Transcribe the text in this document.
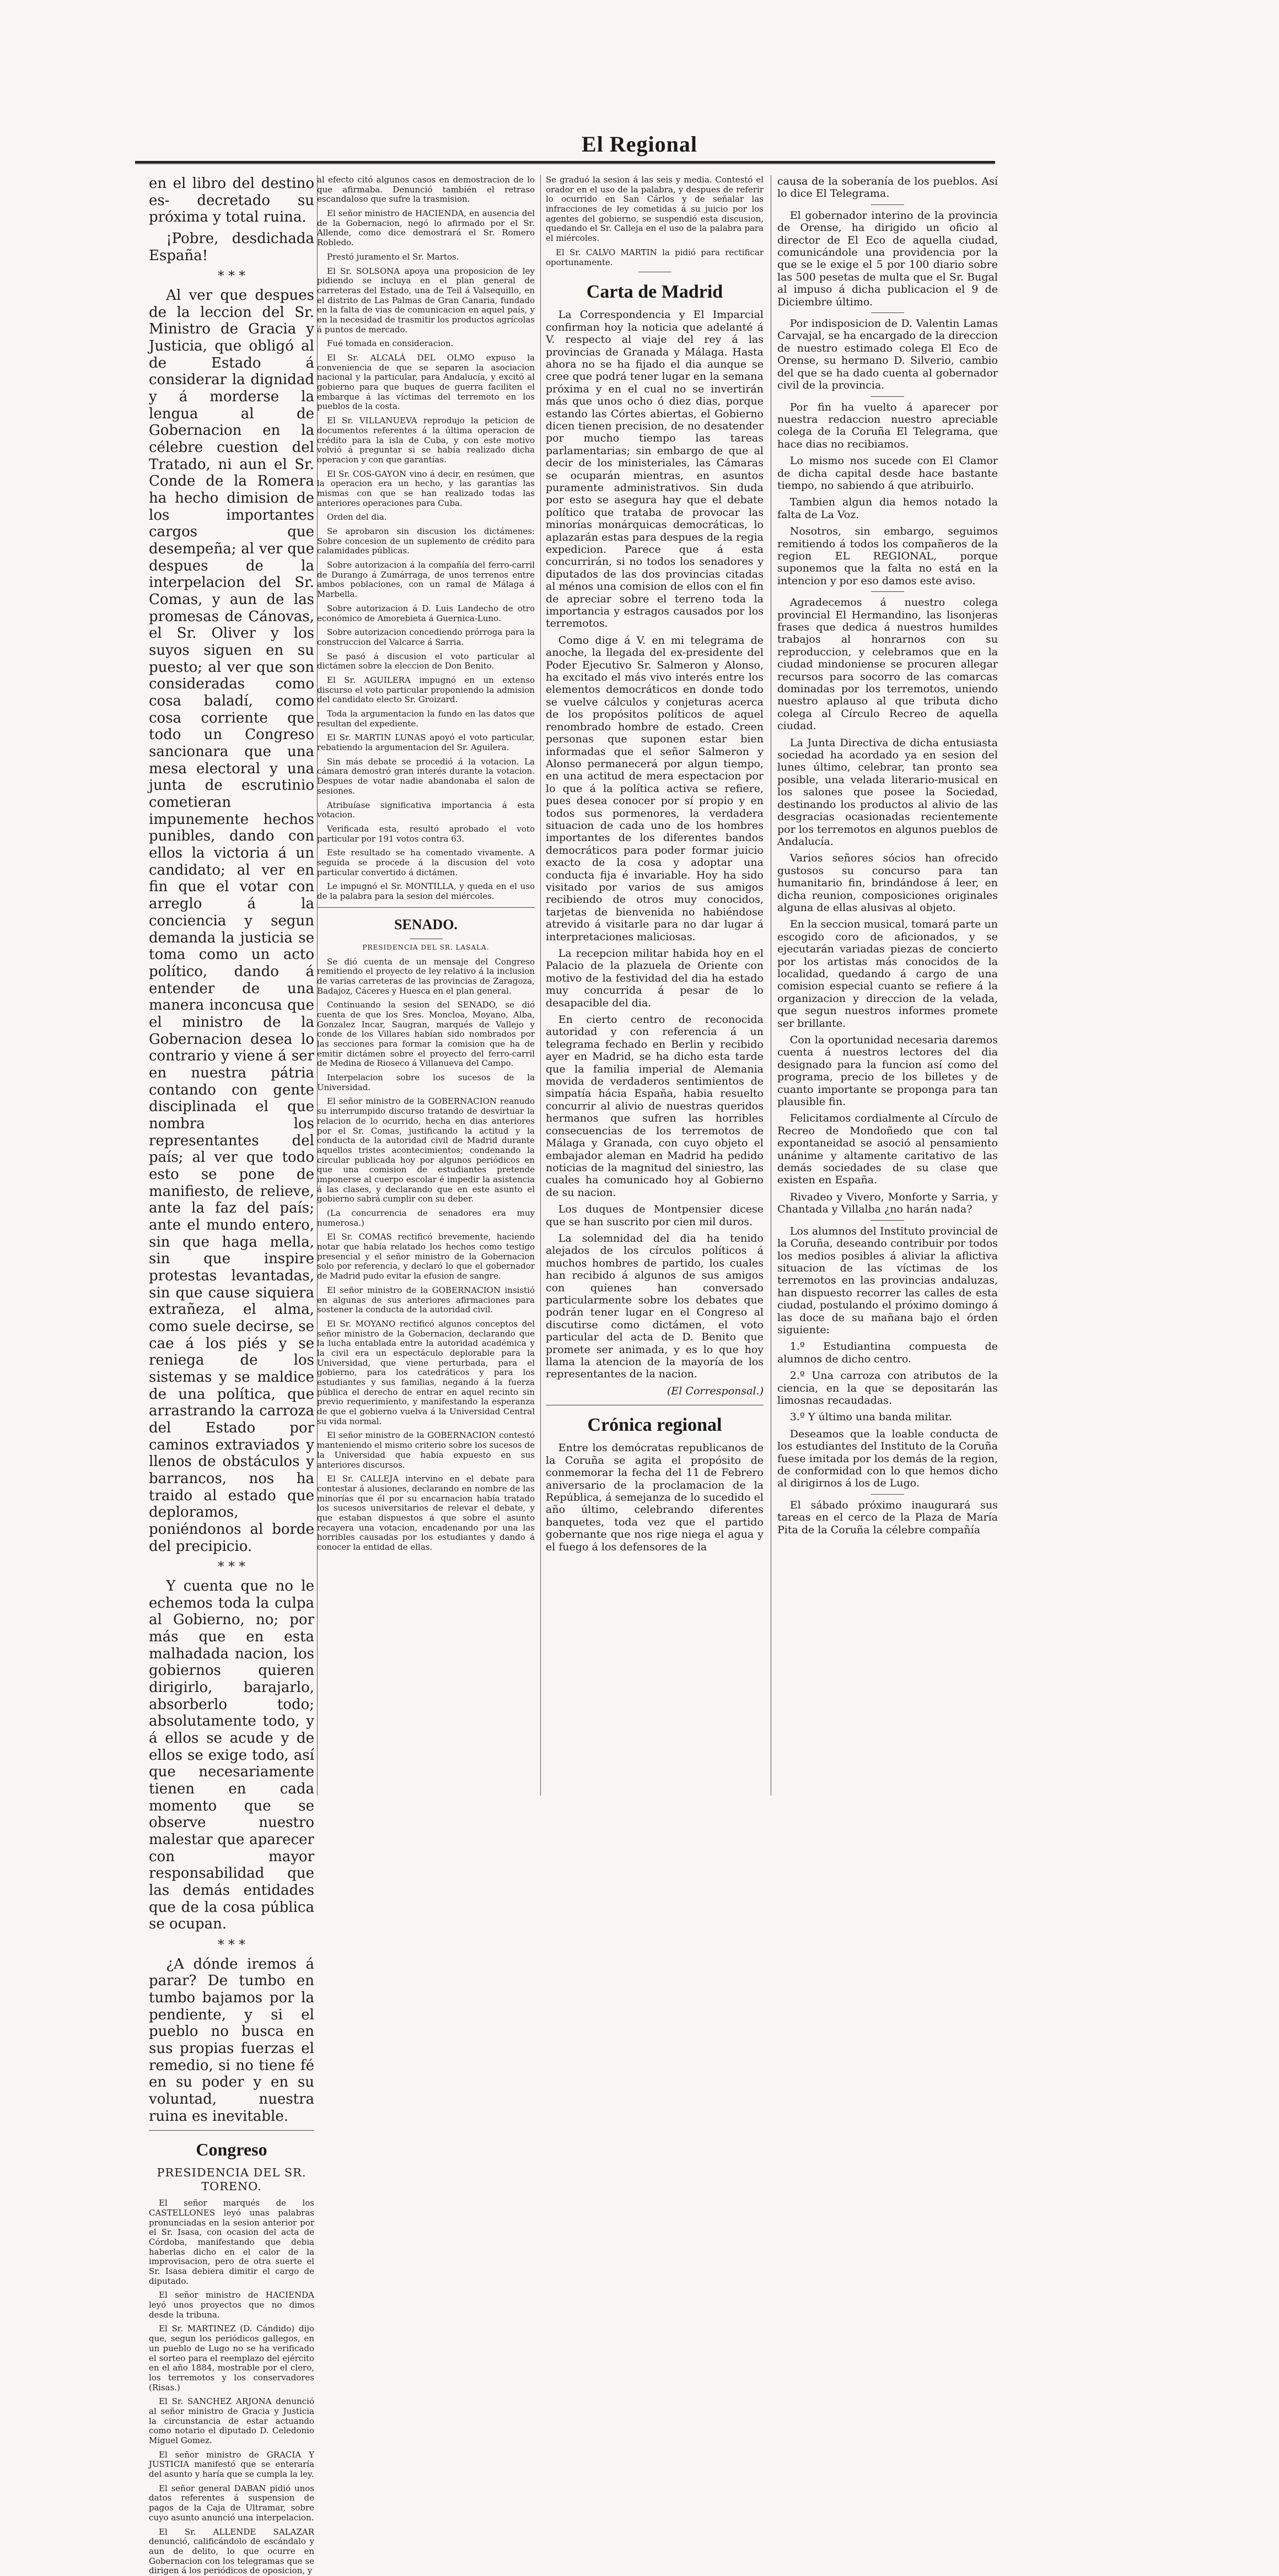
El Regional

en el libro del destino es- decretado su próxima y total ruina.

¡Pobre, desdichada España!

* * *

Al ver que despues de la leccion del Sr. Ministro de Gracia y Justicia, que obligó al de Estado á considerar la dignidad y á morderse la lengua al de Gobernacion en la célebre cuestion del Tratado, ni aun el Sr. Conde de la Romera ha hecho dimision de los importantes cargos que desempeña; al ver que despues de la interpelacion del Sr. Comas, y aun de las promesas de Cánovas, el Sr. Oliver y los suyos siguen en su puesto; al ver que son consideradas como cosa baladí, como cosa corriente que todo un Congreso sancionara que una mesa electoral y una junta de escrutinio cometieran impunemente hechos punibles, dando con ellos la victoria á un candidato; al ver en fin que el votar con arreglo á la conciencia y segun demanda la justicia se toma como un acto político, dando á entender de una manera inconcusa que el ministro de la Gobernacion desea lo contrario y viene á ser en nuestra pátria contando con gente disciplinada el que nombra los representantes del país; al ver que todo esto se pone de manifiesto, de relieve, ante la faz del país; ante el mundo entero, sin que haga mella, sin que inspire protestas levantadas, sin que cause siquiera extrañeza, el alma, como suele decirse, se cae á los piés y se reniega de los sistemas y se maldice de una política, que arrastrando la carroza del Estado por caminos extraviados y llenos de obstáculos y barrancos, nos ha traido al estado que deploramos, poniéndonos al borde del precipicio.

* * *

Y cuenta que no le echemos toda la culpa al Gobierno, no; por más que en esta malhadada nacion, los gobiernos quieren dirigirlo, barajarlo, absorberlo todo; absolutamente todo, y á ellos se acude y de ellos se exige todo, así que necesariamente tienen en cada momento que se observe nuestro malestar que aparecer con mayor responsabilidad que las demás entidades que de la cosa pública se ocupan.

* * *

¿A dónde iremos á parar? De tumbo en tumbo bajamos por la pendiente, y si el pueblo no busca en sus propias fuerzas el remedio, si no tiene fé en su poder y en su voluntad, nuestra ruina es inevitable.

Congreso
PRESIDENCIA DEL SR. TORENO.

El señor marqués de los CASTELLONES leyó unas palabras pronunciadas en la sesion anterior por el Sr. Isasa, con ocasion del acta de Córdoba, manifestando que debia haberlas dicho en el calor de la improvisacion, pero de otra suerte el Sr. Isasa debiera dimitir el cargo de diputado.

El señor ministro de HACIENDA leyó unos proyectos que no dimos desde la tribuna.

El Sr. MARTINEZ (D. Cándido) dijo que, segun los periódicos gallegos, en un pueblo de Lugo no se ha verificado el sorteo para el reemplazo del ejército en el año 1884, mostrable por el clero, los terremotos y los conservadores (Risas.)

El Sr. SANCHEZ ARJONA denunció al señor ministro de Gracia y Justicia la circunstancia de estar actuando como notario el diputado D. Celedonio Miguel Gomez.

El señor ministro de GRACIA Y JUSTICIA manifestó que se enteraría del asunto y haría que se cumpla la ley.

El señor general DABAN pidió unos datos referentes á suspension de pagos de la Caja de Ultramar, sobre cuyo asunto anunció una interpelacion.

El Sr. ALLENDE SALAZAR denunció, calificándolo de escándalo y aun de delito, lo que ocurre en Gobernacion con los telegramas que se dirigen á los periódicos de oposicion, y

al efecto citó algunos casos en demostracion de lo que afirmaba. Denunció también el retraso escandaloso que sufre la trasmision.

El señor ministro de HACIENDA, en ausencia del de la Gobernacion, negó lo afirmado por el Sr. Allende, como dice demostrará el Sr. Romero Robledo.

Prestó juramento el Sr. Martos.

El Sr. SOLSONA apoya una proposicion de ley pidiendo se incluya en el plan general de carreteras del Estado, una de Teil á Valsequillo, en el distrito de Las Palmas de Gran Canaria, fundado en la falta de vias de comunicacion en aquel país, y en la necesidad de trasmitir los productos agrícolas á puntos de mercado.

Fué tomada en consideracion.

El Sr. ALCALÁ DEL OLMO expuso la conveniencia de que se separen la asociacion nacional y la particular, para Andalucía, y excitó al gobierno para que buques de guerra faciliten el embarque á las víctimas del terremoto en los pueblos de la costa.

El Sr. VILLANUEVA reprodujo la peticion de documentos referentes á la última operacion de crédito para la isla de Cuba, y con este motivo volvió á preguntar si se había realizado dicha operacion y con que garantías.

El Sr. COS-GAYON vino á decir, en resúmen, que la operacion era un hecho, y las garantías las mismas con que se han realizado todas las anteriores operaciones para Cuba.

Orden del dia.

Se aprobaron sin discusion los dictámenes: Sobre concesion de un suplemento de crédito para calamidades públicas.

Sobre autorizacion á la compañía del ferro-carril de Durango á Zumárraga, de unos terrenos entre ambos poblaciones, con un ramal de Málaga á Marbella.

Sobre autorizacion á D. Luis Landecho de otro económico de Amorebieta á Guernica-Luno.

Sobre autorizacion concediendo prórroga para la construccion del Valcarce á Sarria.

Se pasó á discusion el voto particular al dictámen sobre la eleccion de Don Benito.

El Sr. AGUILERA impugnó en un extenso discurso el voto particular proponiendo la admision del candidato electo Sr. Groizard.

Toda la argumentacion la fundo en las datos que resultan del expediente.

El Sr. MARTIN LUNAS apoyó el voto particular, rebatiendo la argumentacion del Sr. Aguilera.

Sin más debate se procedió á la votacion. La cámara demostró gran interés durante la votacion. Despues de votar nadie abandonaba el salon de sesiones.

Atribuíase significativa importancia á esta votacion.

Verificada esta, resultó aprobado el voto particular por 191 votos contra 63.

Este resultado se ha comentado vivamente. A seguida se procede á la discusion del voto particular convertido á dictámen.

Le impugnó el Sr. MONTILLA, y queda en el uso de la palabra para la sesion del miércoles.

SENADO.
PRESIDENCIA DEL SR. LASALA.

Se dió cuenta de un mensaje del Congreso remitiendo el proyecto de ley relativo á la inclusion de varias carreteras de las provincias de Zaragoza, Badajoz, Cáceres y Huesca en el plan general.

Continuando la sesion del SENADO, se dió cuenta de que los Sres. Moncloa, Moyano, Alba, Gonzalez Incar, Saugran, marqués de Vallejo y conde de los Villares habían sido nombrados por las secciones para formar la comision que ha de emitir dictámen sobre el proyecto del ferro-carril de Medina de Rioseco á Villanueva del Campo.

Interpelacion sobre los sucesos de la Universidad.

El señor ministro de la GOBERNACION reanudo su interrumpido discurso tratando de desvirtuar la relacion de lo ocurrido, hecha en dias anteriores por el Sr. Comas, justificando la actitud y la conducta de la autoridad civil de Madrid durante aquellos tristes acontecimientos; condenando la circular publicada hoy por algunos periódicos en que una comision de estudiantes pretende imponerse al cuerpo escolar é impedir la asistencia á las clases, y declarando que en este asunto el gobierno sabrá cumplir con su deber.

(La concurrencia de senadores era muy numerosa.)

El Sr. COMAS rectificó brevemente, haciendo notar que había relatado los hechos como testigo presencial y el señor ministro de la Gobernacion solo por referencia, y declaró lo que el gobernador de Madrid pudo evitar la efusion de sangre.

El señor ministro de la GOBERNACION insistió en algunas de sus anteriores afirmaciones para sostener la conducta de la autoridad civil.

El Sr. MOYANO rectificó algunos conceptos del señor ministro de la Gobernacion, declarando que la lucha entablada entre la autoridad académica y la civil era un espectáculo deplorable para la Universidad, que viene perturbada, para el gobierno, para los catedráticos y para los estudiantes y sus familias, negando á la fuerza pública el derecho de entrar en aquel recinto sin previo requerimiento, y manifestando la esperanza de que el gobierno vuelva á la Universidad Central su vida normal.

El señor ministro de la GOBERNACION contestó manteniendo el mismo criterio sobre los sucesos de la Universidad que había expuesto en sus anteriores discursos.

El Sr. CALLEJA intervino en el debate para contestar á alusiones, declarando en nombre de las minorías que él por su encarnacion había tratado los sucesos universitarios de relevar el debate, y que estaban dispuestos á que sobre el asunto recayera una votacion, encadenando por una las horribles causadas por los estudiantes y dando á conocer la entidad de ellas.

Se graduó la sesion á las seis y media. Contestó el orador en el uso de la palabra, y despues de referir lo ocurrido en San Cárlos y de señalar las infracciones de ley cometidas á su juicio por los agentes del gobierno, se suspendió esta discusion, quedando el Sr. Calleja en el uso de la palabra para el miércoles.

El Sr. CALVO MARTIN la pidió para rectificar oportunamente.

Carta de Madrid

La Correspondencia y El Imparcial confirman hoy la noticia que adelanté á V. respecto al viaje del rey á las provincias de Granada y Málaga. Hasta ahora no se ha fijado el dia aunque se cree que podrá tener lugar en la semana próxima y en el cual no se invertirán más que unos ocho ó diez dias, porque estando las Córtes abiertas, el Gobierno dicen tienen precision, de no desatender por mucho tiempo las tareas parlamentarias; sin embargo de que al decir de los ministeriales, las Cámaras se ocuparán mientras, en asuntos puramente administrativos. Sin duda por esto se asegura hay que el debate político que trataba de provocar las minorías monárquicas democráticas, lo aplazarán estas para despues de la regia expedicion. Parece que á esta concurrirán, si no todos los senadores y diputados de las dos provincias citadas al ménos una comision de ellos con el fin de apreciar sobre el terreno toda la importancia y estragos causados por los terremotos.

Como dige á V. en mi telegrama de anoche, la llegada del ex-presidente del Poder Ejecutivo Sr. Salmeron y Alonso, ha excitado el más vivo interés entre los elementos democráticos en donde todo se vuelve cálculos y conjeturas acerca de los propósitos políticos de aquel renombrado hombre de estado. Creen personas que suponen estar bien informadas que el señor Salmeron y Alonso permanecerá por algun tiempo, en una actitud de mera espectacion por lo que á la política activa se refiere, pues desea conocer por sí propio y en todos sus pormenores, la verdadera situacion de cada uno de los hombres importantes de los diferentes bandos democráticos para poder formar juicio exacto de la cosa y adoptar una conducta fija é invariable. Hoy ha sido visitado por varios de sus amigos recibiendo de otros muy conocidos, tarjetas de bienvenida no habiéndose atrevido á visitarle para no dar lugar á interpretaciones maliciosas.

La recepcion militar habida hoy en el Palacio de la plazuela de Oriente con motivo de la festividad del dia ha estado muy concurrida á pesar de lo desapacible del dia.

En cierto centro de reconocida autoridad y con referencia á un telegrama fechado en Berlin y recibido ayer en Madrid, se ha dicho esta tarde que la familia imperial de Alemania movida de verdaderos sentimientos de simpatía hácia España, habia resuelto concurrir al alivio de nuestras queridos hermanos que sufren las horribles consecuencias de los terremotos de Málaga y Granada, con cuyo objeto el embajador aleman en Madrid ha pedido noticias de la magnitud del siniestro, las cuales ha comunicado hoy al Gobierno de su nacion.

Los duques de Montpensier dicese que se han suscrito por cien mil duros.

La solemnidad del dia ha tenido alejados de los círculos políticos á muchos hombres de partido, los cuales han recibido á algunos de sus amigos con quienes han conversado particularmente sobre los debates que podrán tener lugar en el Congreso al discutirse como dictámen, el voto particular del acta de D. Benito que promete ser animada, y es lo que hoy llama la atencion de la mayoría de los representantes de la nacion.

(El Corresponsal.)
Crónica regional

Entre los demócratas republicanos de la Coruña se agita el propósito de conmemorar la fecha del 11 de Febrero aniversario de la proclamacion de la República, á semejanza de lo sucedido el año último, celebrando diferentes banquetes, toda vez que el partido gobernante que nos rige niega el agua y el fuego á los defensores de la

causa de la soberanía de los pueblos. Así lo dice El Telegrama.

El gobernador interino de la provincia de Orense, ha dirigido un oficio al director de El Eco de aquella ciudad, comunicándole una providencia por la que se le exige el 5 por 100 diario sobre las 500 pesetas de multa que el Sr. Bugal al impuso á dicha publicacion el 9 de Diciembre último.

Por indisposicion de D. Valentin Lamas Carvajal, se ha encargado de la direccion de nuestro estimado colega El Eco de Orense, su hermano D. Silverio, cambio del que se ha dado cuenta al gobernador civil de la provincia.

Por fin ha vuelto á aparecer por nuestra redaccion nuestro apreciable colega de la Coruña El Telegrama, que hace dias no recibiamos.

Lo mismo nos sucede con El Clamor de dicha capital desde hace bastante tiempo, no sabiendo á que atribuirlo.

Tambien algun dia hemos notado la falta de La Voz.

Nosotros, sin embargo, seguimos remitiendo á todos los compañeros de la region EL REGIONAL, porque suponemos que la falta no está en la intencion y por eso damos este aviso.

Agradecemos á nuestro colega provincial El Hermandino, las lisonjeras frases que dedica á nuestros humildes trabajos al honrarnos con su reproduccion, y celebramos que en la ciudad mindoniense se procuren allegar recursos para socorro de las comarcas dominadas por los terremotos, uniendo nuestro aplauso al que tributa dicho colega al Círculo Recreo de aquella ciudad.

La Junta Directiva de dicha entusiasta sociedad ha acordado ya en sesion del lunes último, celebrar, tan pronto sea posible, una velada literario-musical en los salones que posee la Sociedad, destinando los productos al alivio de las desgracias ocasionadas recientemente por los terremotos en algunos pueblos de Andalucía.

Varios señores sócios han ofrecido gustosos su concurso para tan humanitario fin, brindándose á leer, en dicha reunion, composiciones originales alguna de ellas alusivas al objeto.

En la seccion musical, tomará parte un escogido coro de aficionados, y se ejecutarán variadas piezas de concierto por los artistas más conocidos de la localidad, quedando á cargo de una comision especial cuanto se refiere á la organizacion y direccion de la velada, que segun nuestros informes promete ser brillante.

Con la oportunidad necesaria daremos cuenta á nuestros lectores del dia designado para la funcion así como del programa, precio de los billetes y de cuanto importante se proponga para tan plausible fin.

Felicitamos cordialmente al Círculo de Recreo de Mondoñedo que con tal expontaneidad se asoció al pensamiento unánime y altamente caritativo de las demás sociedades de su clase que existen en España.

Rivadeo y Vivero, Monforte y Sarria, y Chantada y Villalba ¿no harán nada?

Los alumnos del Instituto provincial de la Coruña, deseando contribuir por todos los medios posibles á aliviar la aflictiva situacion de las víctimas de los terremotos en las provincias andaluzas, han dispuesto recorrer las calles de esta ciudad, postulando el próximo domingo á las doce de su mañana bajo el órden siguiente:

1.º Estudiantina compuesta de alumnos de dicho centro.

2.º Una carroza con atributos de la ciencia, en la que se depositarán las limosnas recaudadas.

3.º Y último una banda militar.

Deseamos que la loable conducta de los estudiantes del Instituto de la Coruña fuese imitada por los demás de la region, de conformidad con lo que hemos dicho al dirigirnos á los de Lugo.

El sábado próximo inaugurará sus tareas en el cerco de la Plaza de María Pita de la Coruña la célebre compañía
